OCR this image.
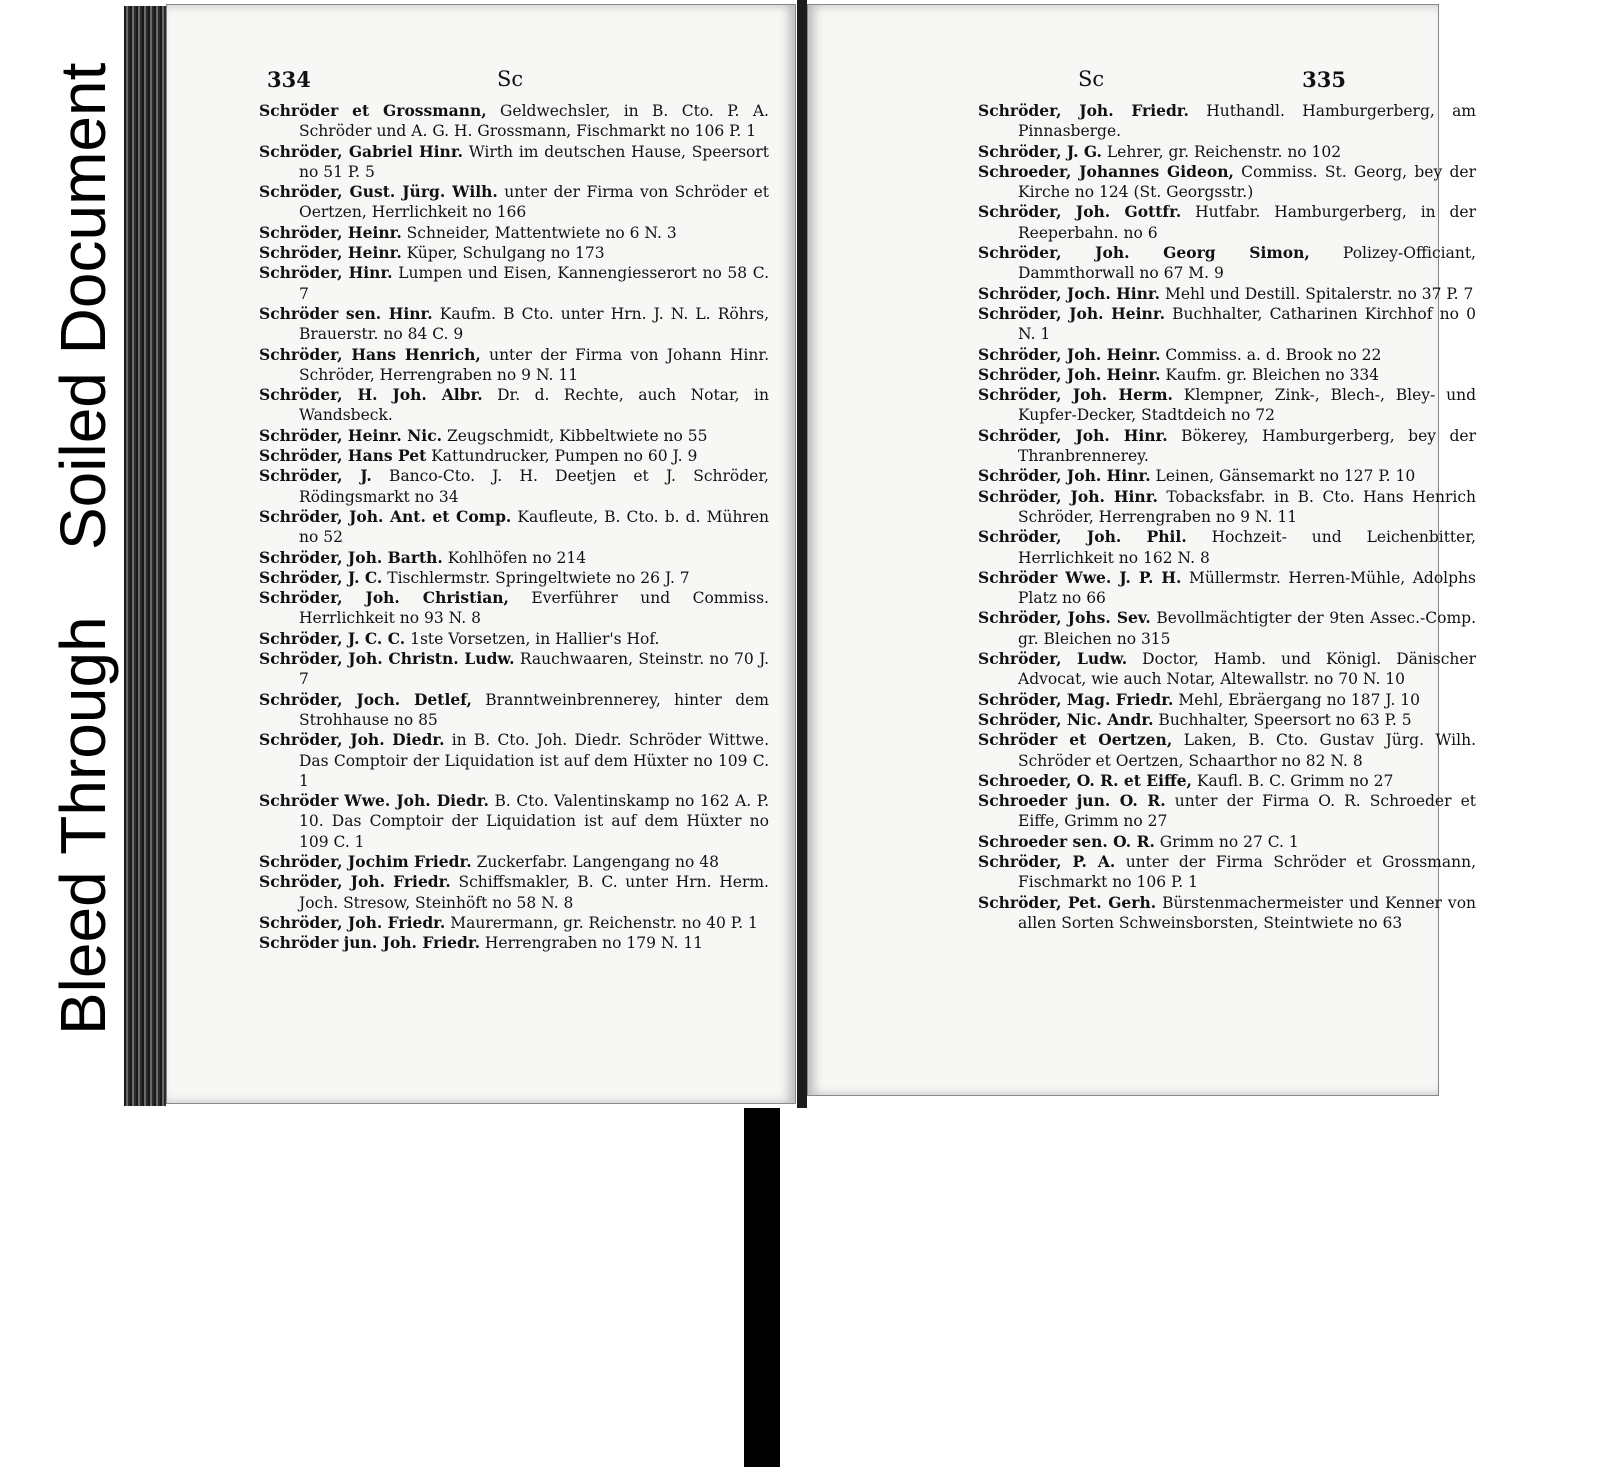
Bleed Through
Soiled Document	334	Sc

Schröder et Grossmann, Geldwechsler, in B. Cto. P. A. Schröder und A. G. H. Grossmann, Fischmarkt no 106 P. 1

Schröder, Gabriel Hinr. Wirth im deutschen Hause, Speersort no 51 P. 5

Schröder, Gust. Jürg. Wilh. unter der Firma von Schröder et Oertzen, Herrlichkeit no 166

Schröder, Heinr. Schneider, Mattentwiete no 6 N. 3

Schröder, Heinr. Küper, Schulgang no 173

Schröder, Hinr. Lumpen und Eisen, Kannengiesserort no 58 C. 7

Schröder sen. Hinr. Kaufm. B Cto. unter Hrn. J. N. L. Röhrs, Brauerstr. no 84 C. 9

Schröder, Hans Henrich, unter der Firma von Johann Hinr. Schröder, Herrengraben no 9 N. 11

Schröder, H. Joh. Albr. Dr. d. Rechte, auch Notar, in Wandsbeck.

Schröder, Heinr. Nic. Zeugschmidt, Kibbeltwiete no 55

Schröder, Hans Pet Kattundrucker, Pumpen no 60 J. 9

Schröder, J. Banco-Cto. J. H. Deetjen et J. Schröder, Rödingsmarkt no 34

Schröder, Joh. Ant. et Comp. Kaufleute, B. Cto. b. d. Mühren no 52

Schröder, Joh. Barth. Kohlhöfen no 214

Schröder, J. C. Tischlermstr. Springeltwiete no 26 J. 7

Schröder, Joh. Christian, Everführer und Commiss. Herrlichkeit no 93 N. 8

Schröder, J. C. C. 1ste Vorsetzen, in Hallier's Hof.

Schröder, Joh. Christn. Ludw. Rauchwaaren, Steinstr. no 70 J. 7

Schröder, Joch. Detlef, Branntweinbrennerey, hinter dem Strohhause no 85

Schröder, Joh. Diedr. in B. Cto. Joh. Diedr. Schröder Wittwe. Das Comptoir der Liquidation ist auf dem Hüxter no 109 C. 1

Schröder Wwe. Joh. Diedr. B. Cto. Valentinskamp no 162 A. P. 10. Das Comptoir der Liquidation ist auf dem Hüxter no 109 C. 1

Schröder, Jochim Friedr. Zuckerfabr. Langengang no 48

Schröder, Joh. Friedr. Schiffsmakler, B. C. unter Hrn. Herm. Joch. Stresow, Steinhöft no 58 N. 8

Schröder, Joh. Friedr. Maurermann, gr. Reichenstr. no 40 P. 1

Schröder jun. Joh. Friedr. Herrengraben no 179 N. 11

Sc	335

Schröder, Joh. Friedr. Huthandl. Hamburgerberg, am Pinnasberge.

Schröder, J. G. Lehrer, gr. Reichenstr. no 102

Schroeder, Johannes Gideon, Commiss. St. Georg, bey der Kirche no 124 (St. Georgsstr.)

Schröder, Joh. Gottfr. Hutfabr. Hamburgerberg, in der Reeperbahn. no 6

Schröder, Joh. Georg Simon, Polizey-Officiant, Dammthorwall no 67 M. 9

Schröder, Joch. Hinr. Mehl und Destill. Spitalerstr. no 37 P. 7

Schröder, Joh. Heinr. Buchhalter, Catharinen Kirchhof no 0 N. 1

Schröder, Joh. Heinr. Commiss. a. d. Brook no 22

Schröder, Joh. Heinr. Kaufm. gr. Bleichen no 334

Schröder, Joh. Herm. Klempner, Zink-, Blech-, Bley- und Kupfer-Decker, Stadtdeich no 72

Schröder, Joh. Hinr. Bökerey, Hamburgerberg, bey der Thranbrennerey.

Schröder, Joh. Hinr. Leinen, Gänsemarkt no 127 P. 10

Schröder, Joh. Hinr. Tobacksfabr. in B. Cto. Hans Henrich Schröder, Herrengraben no 9 N. 11

Schröder, Joh. Phil. Hochzeit- und Leichenbitter, Herrlichkeit no 162 N. 8

Schröder Wwe. J. P. H. Müllermstr. Herren-Mühle, Adolphs Platz no 66

Schröder, Johs. Sev. Bevollmächtigter der 9ten Assec.-Comp. gr. Bleichen no 315

Schröder, Ludw. Doctor, Hamb. und Königl. Dänischer Advocat, wie auch Notar, Altewallstr. no 70 N. 10

Schröder, Mag. Friedr. Mehl, Ebräergang no 187 J. 10

Schröder, Nic. Andr. Buchhalter, Speersort no 63 P. 5

Schröder et Oertzen, Laken, B. Cto. Gustav Jürg. Wilh. Schröder et Oertzen, Schaarthor no 82 N. 8

Schroeder, O. R. et Eiffe, Kaufl. B. C. Grimm no 27

Schroeder jun. O. R. unter der Firma O. R. Schroeder et Eiffe, Grimm no 27

Schroeder sen. O. R. Grimm no 27 C. 1

Schröder, P. A. unter der Firma Schröder et Grossmann, Fischmarkt no 106 P. 1

Schröder, Pet. Gerh. Bürstenmachermeister und Kenner von allen Sorten Schweinsborsten, Steintwiete no 63
